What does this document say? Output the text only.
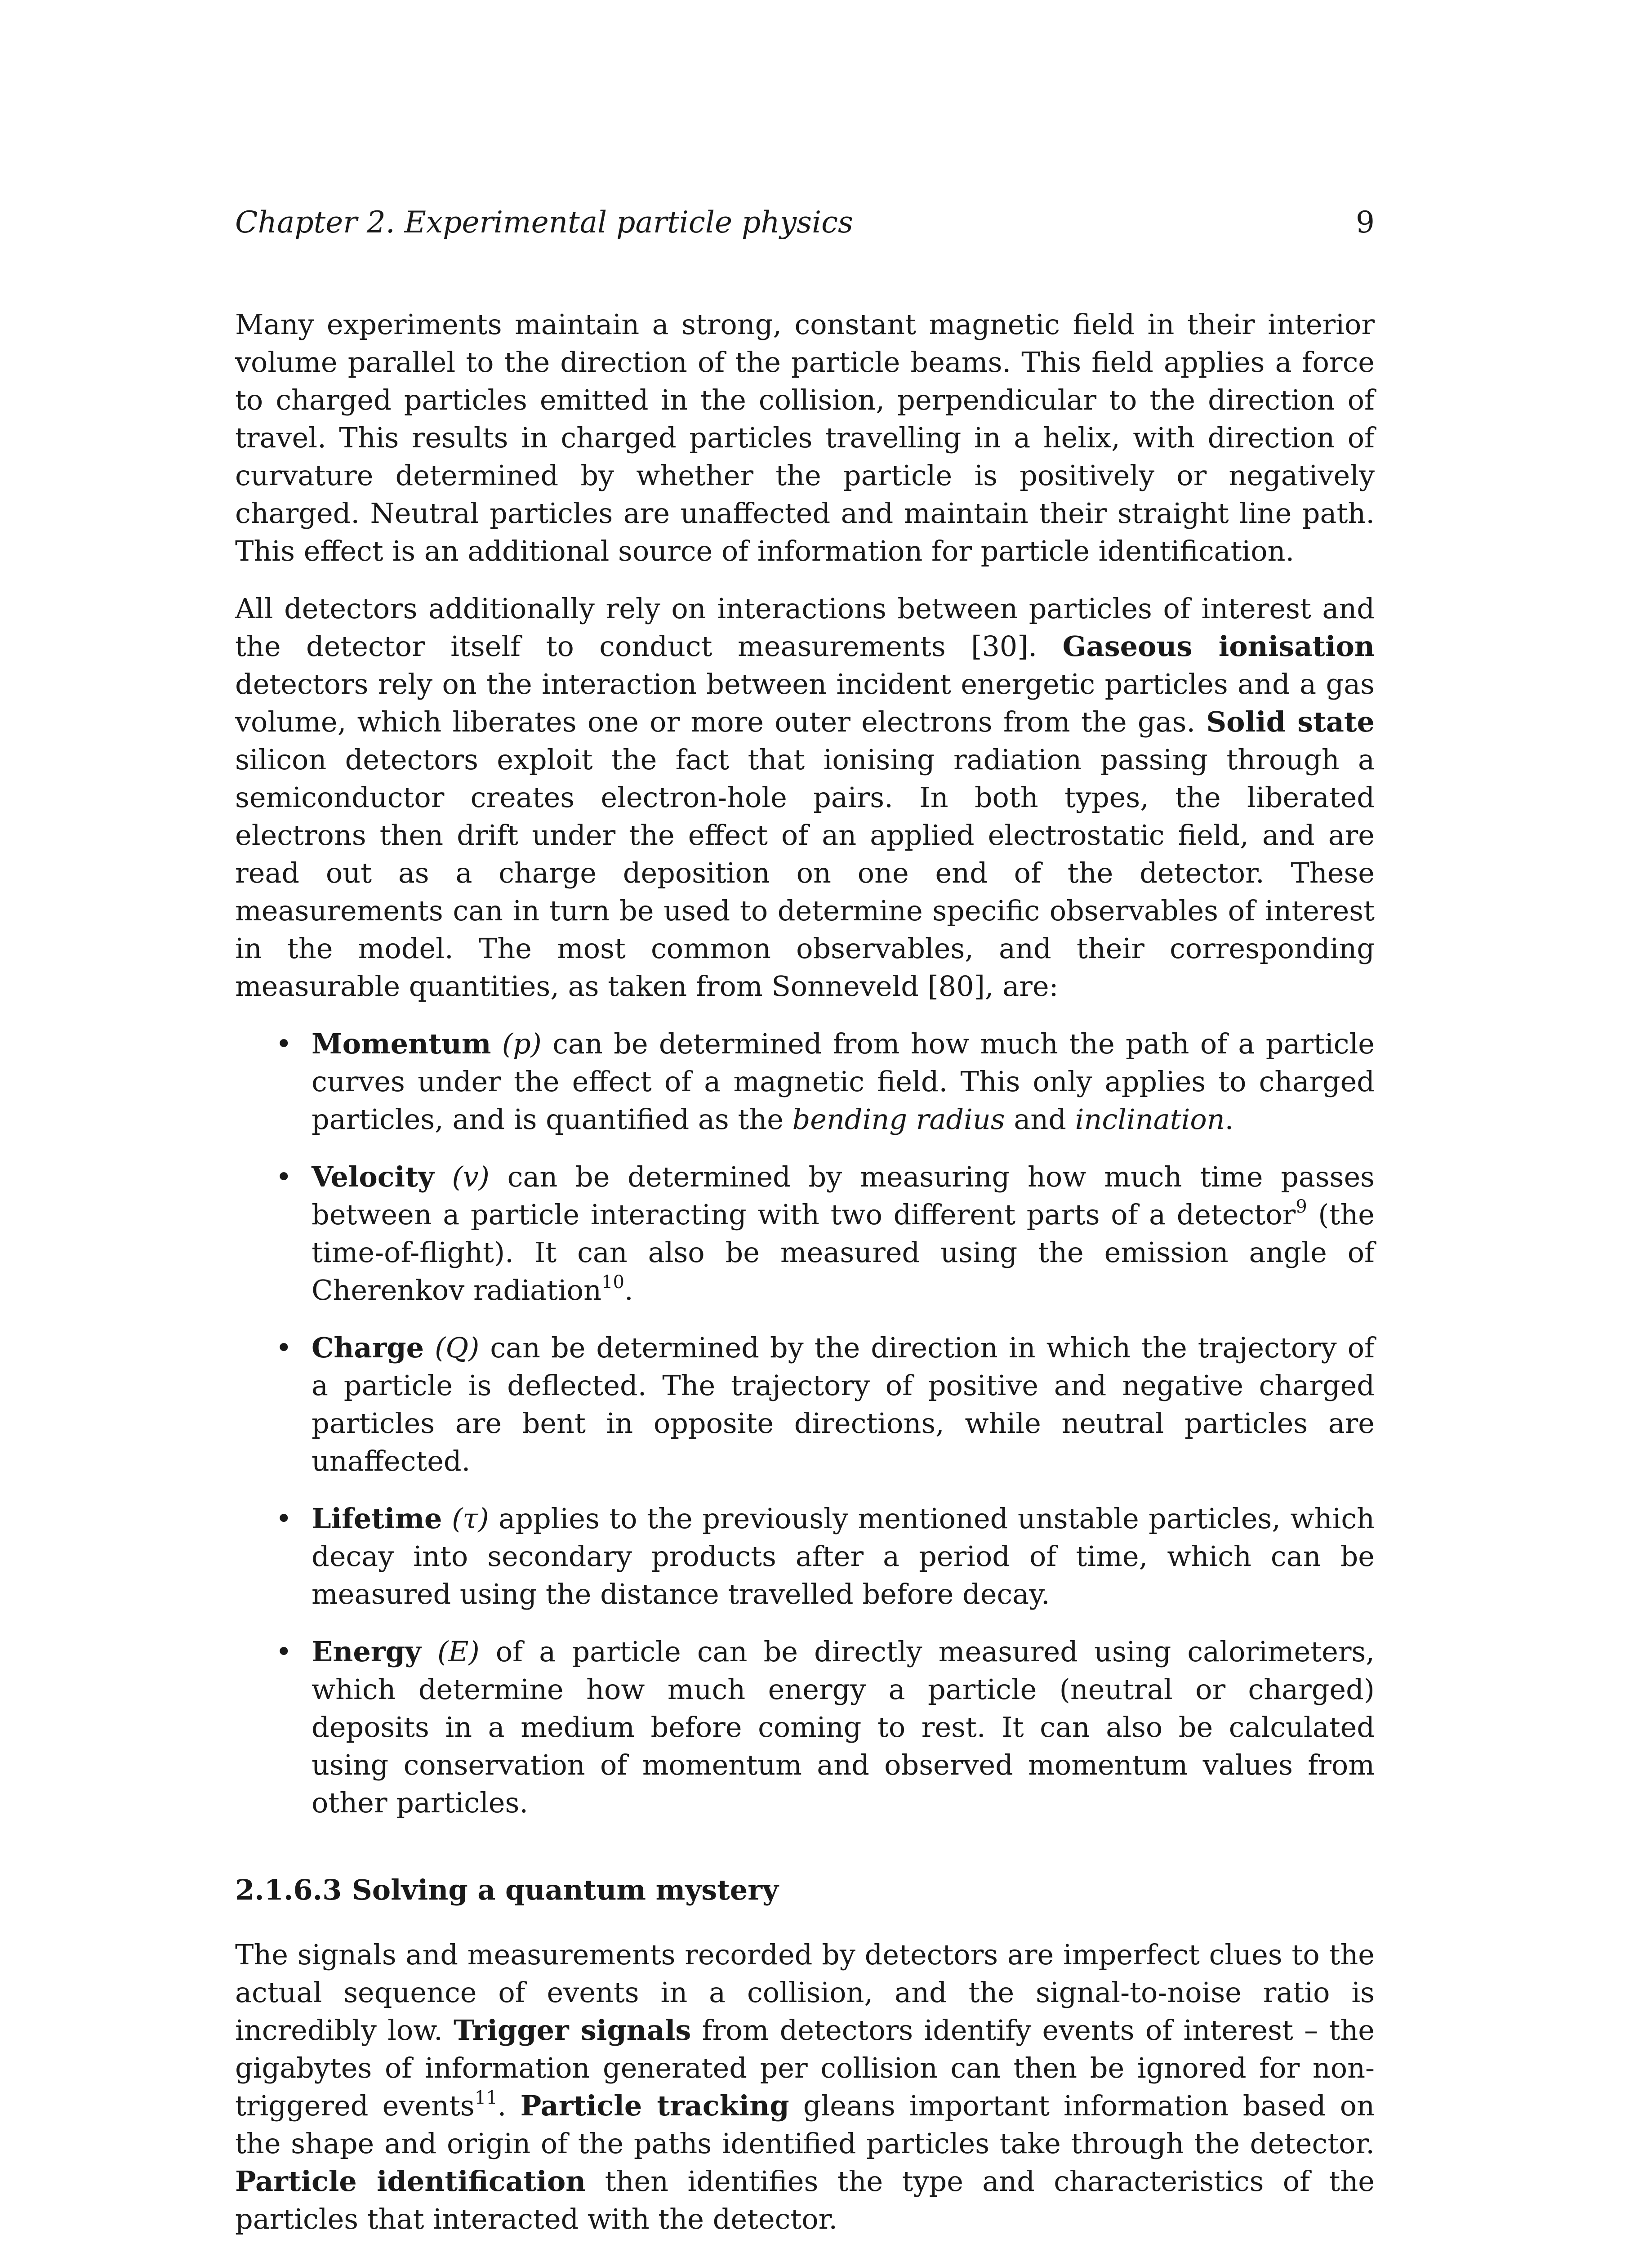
Chapter 2. Experimental particle physics	9

Many experiments maintain a strong, constant magnetic field in their interior volume parallel to the direction of the particle beams. This field applies a force to charged particles emitted in the collision, perpendicular to the direction of travel. This results in charged particles travelling in a helix, with direction of curvature determined by whether the particle is positively or negatively charged. Neutral particles are unaffected and maintain their straight line path. This effect is an additional source of information for particle identification.

All detectors additionally rely on interactions between particles of interest and the detector itself to conduct measurements [30]. Gaseous ionisation detectors rely on the interaction between incident energetic particles and a gas volume, which liberates one or more outer electrons from the gas. Solid state silicon detectors exploit the fact that ionising radiation passing through a semiconductor creates electron-hole pairs. In both types, the liberated electrons then drift under the effect of an applied electrostatic field, and are read out as a charge deposition on one end of the detector. These measurements can in turn be used to determine specific observables of interest in the model. The most common observables, and their corresponding measurable quantities, as taken from Sonneveld [80], are:

• Momentum (p) can be determined from how much the path of a particle curves under the effect of a magnetic field. This only applies to charged particles, and is quantified as the bending radius and inclination.
• Velocity (v) can be determined by measuring how much time passes between a particle interacting with two different parts of a detector$^9$ (the time-of-flight). It can also be measured using the emission angle of Cherenkov radiation$^{10}$.
• Charge (Q) can be determined by the direction in which the trajectory of a particle is deflected. The trajectory of positive and negative charged particles are bent in opposite directions, while neutral particles are unaffected.
• Lifetime (τ) applies to the previously mentioned unstable particles, which decay into secondary products after a period of time, which can be measured using the distance travelled before decay.
• Energy (E) of a particle can be directly measured using calorimeters, which determine how much energy a particle (neutral or charged) deposits in a medium before coming to rest. It can also be calculated using conservation of momentum and observed momentum values from other particles.
2.1.6.3 Solving a quantum mystery

The signals and measurements recorded by detectors are imperfect clues to the actual sequence of events in a collision, and the signal-to-noise ratio is incredibly low. Trigger signals from detectors identify events of interest – the gigabytes of information generated per collision can then be ignored for non-triggered events$^{11}$. Particle tracking gleans important information based on the shape and origin of the paths identified particles take through the detector. Particle identification then identifies the type and characteristics of the particles that interacted with the detector.
